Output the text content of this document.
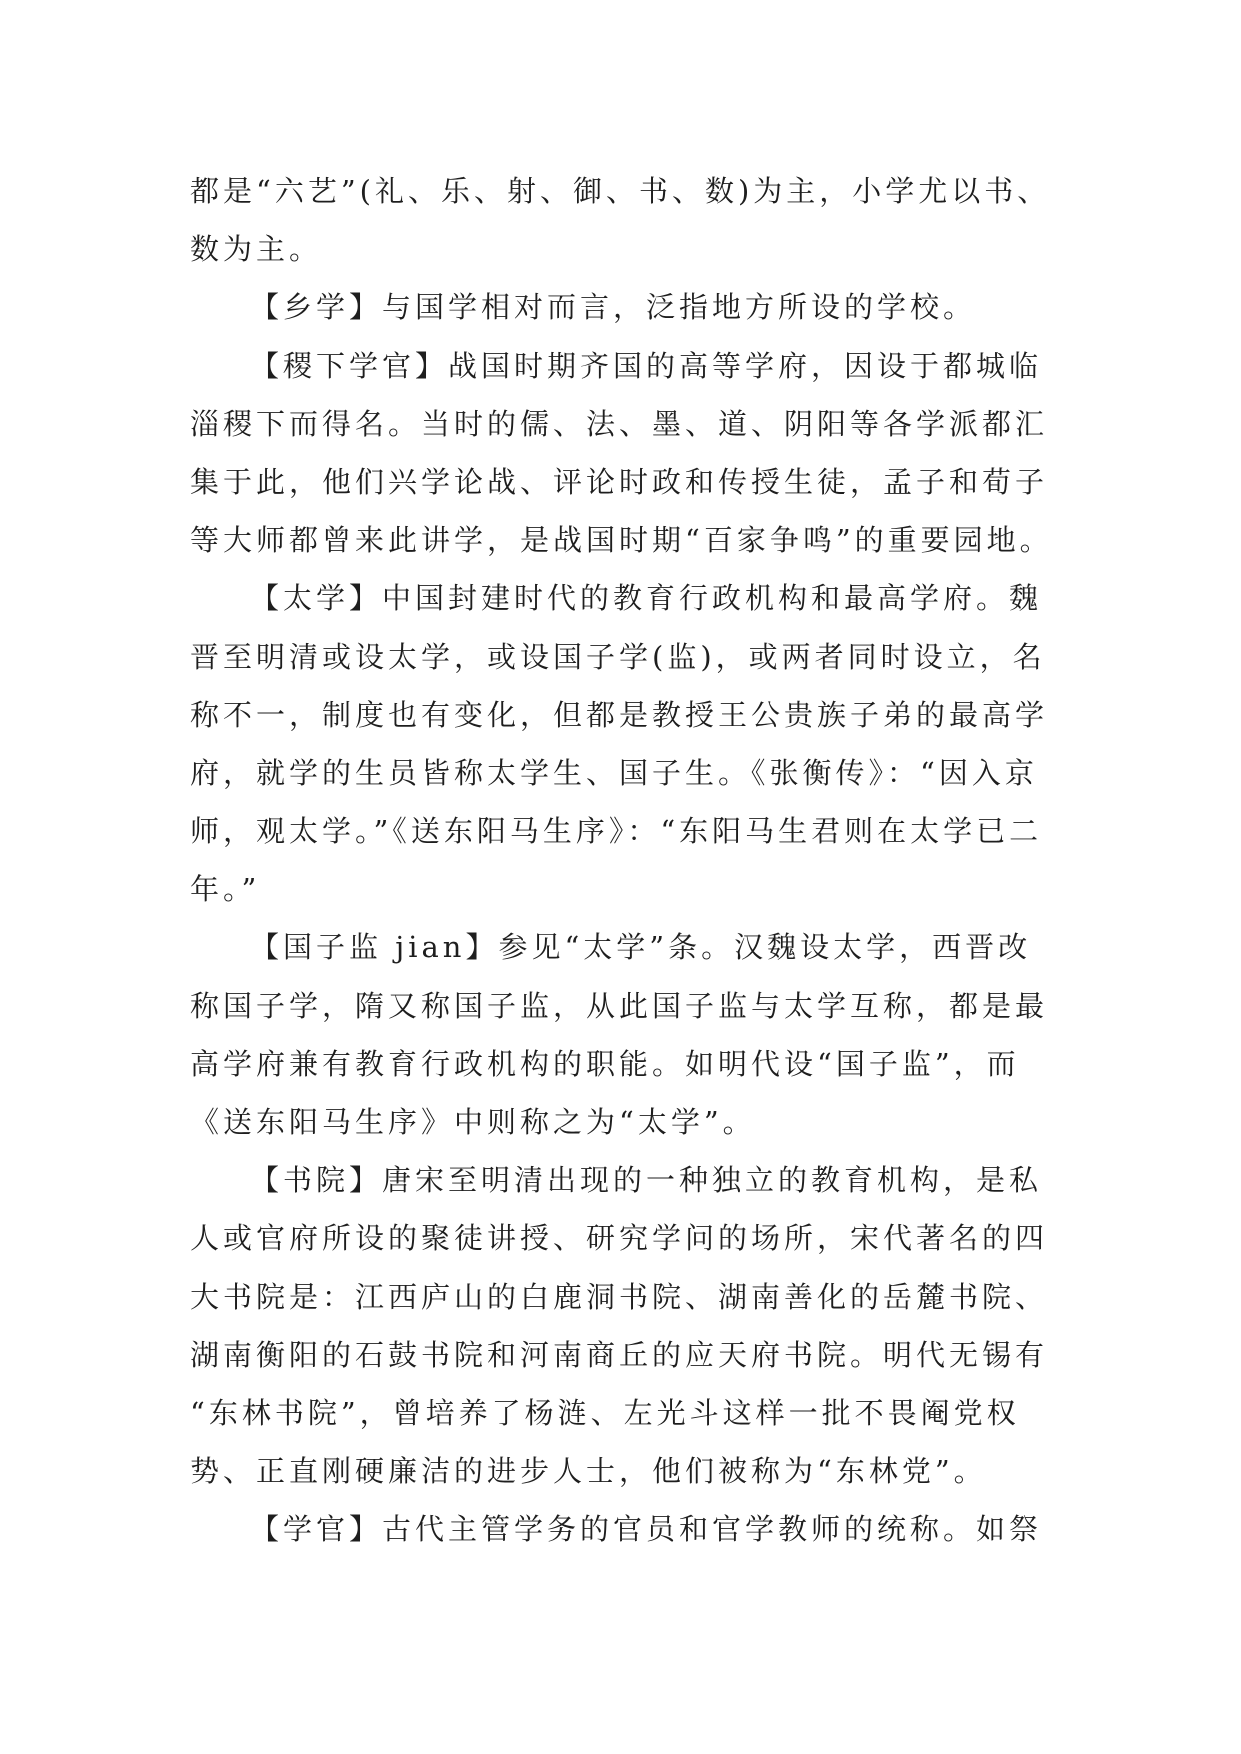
都是“六艺”(礼、乐、射、御、书、数)为主，小学尤以书、
数为主。
【乡学】与国学相对而言，泛指地方所设的学校。
【稷下学官】战国时期齐国的高等学府，因设于都城临
淄稷下而得名。当时的儒、法、墨、道、阴阳等各学派都汇
集于此，他们兴学论战、评论时政和传授生徒，孟子和荀子
等大师都曾来此讲学，是战国时期“百家争鸣”的重要园地。
【太学】中国封建时代的教育行政机构和最高学府。魏
晋至明清或设太学，或设国子学(监)，或两者同时设立，名
称不一，制度也有变化，但都是教授王公贵族子弟的最高学
府，就学的生员皆称太学生、国子生。《张衡传》：“因入京
师，观太学。”《送东阳马生序》：“东阳马生君则在太学已二
年。”
【国子监 jian】参见“太学”条。汉魏设太学，西晋改
称国子学，隋又称国子监，从此国子监与太学互称，都是最
高学府兼有教育行政机构的职能。如明代设“国子监”，而
《送东阳马生序》中则称之为“太学”。
【书院】唐宋至明清出现的一种独立的教育机构，是私
人或官府所设的聚徒讲授、研究学问的场所，宋代著名的四
大书院是：江西庐山的白鹿洞书院、湖南善化的岳麓书院、
湖南衡阳的石鼓书院和河南商丘的应天府书院。明代无锡有
“东林书院”，曾培养了杨涟、左光斗这样一批不畏阉党权
势、正直刚硬廉洁的进步人士，他们被称为“东林党”。
【学官】古代主管学务的官员和官学教师的统称。如祭
